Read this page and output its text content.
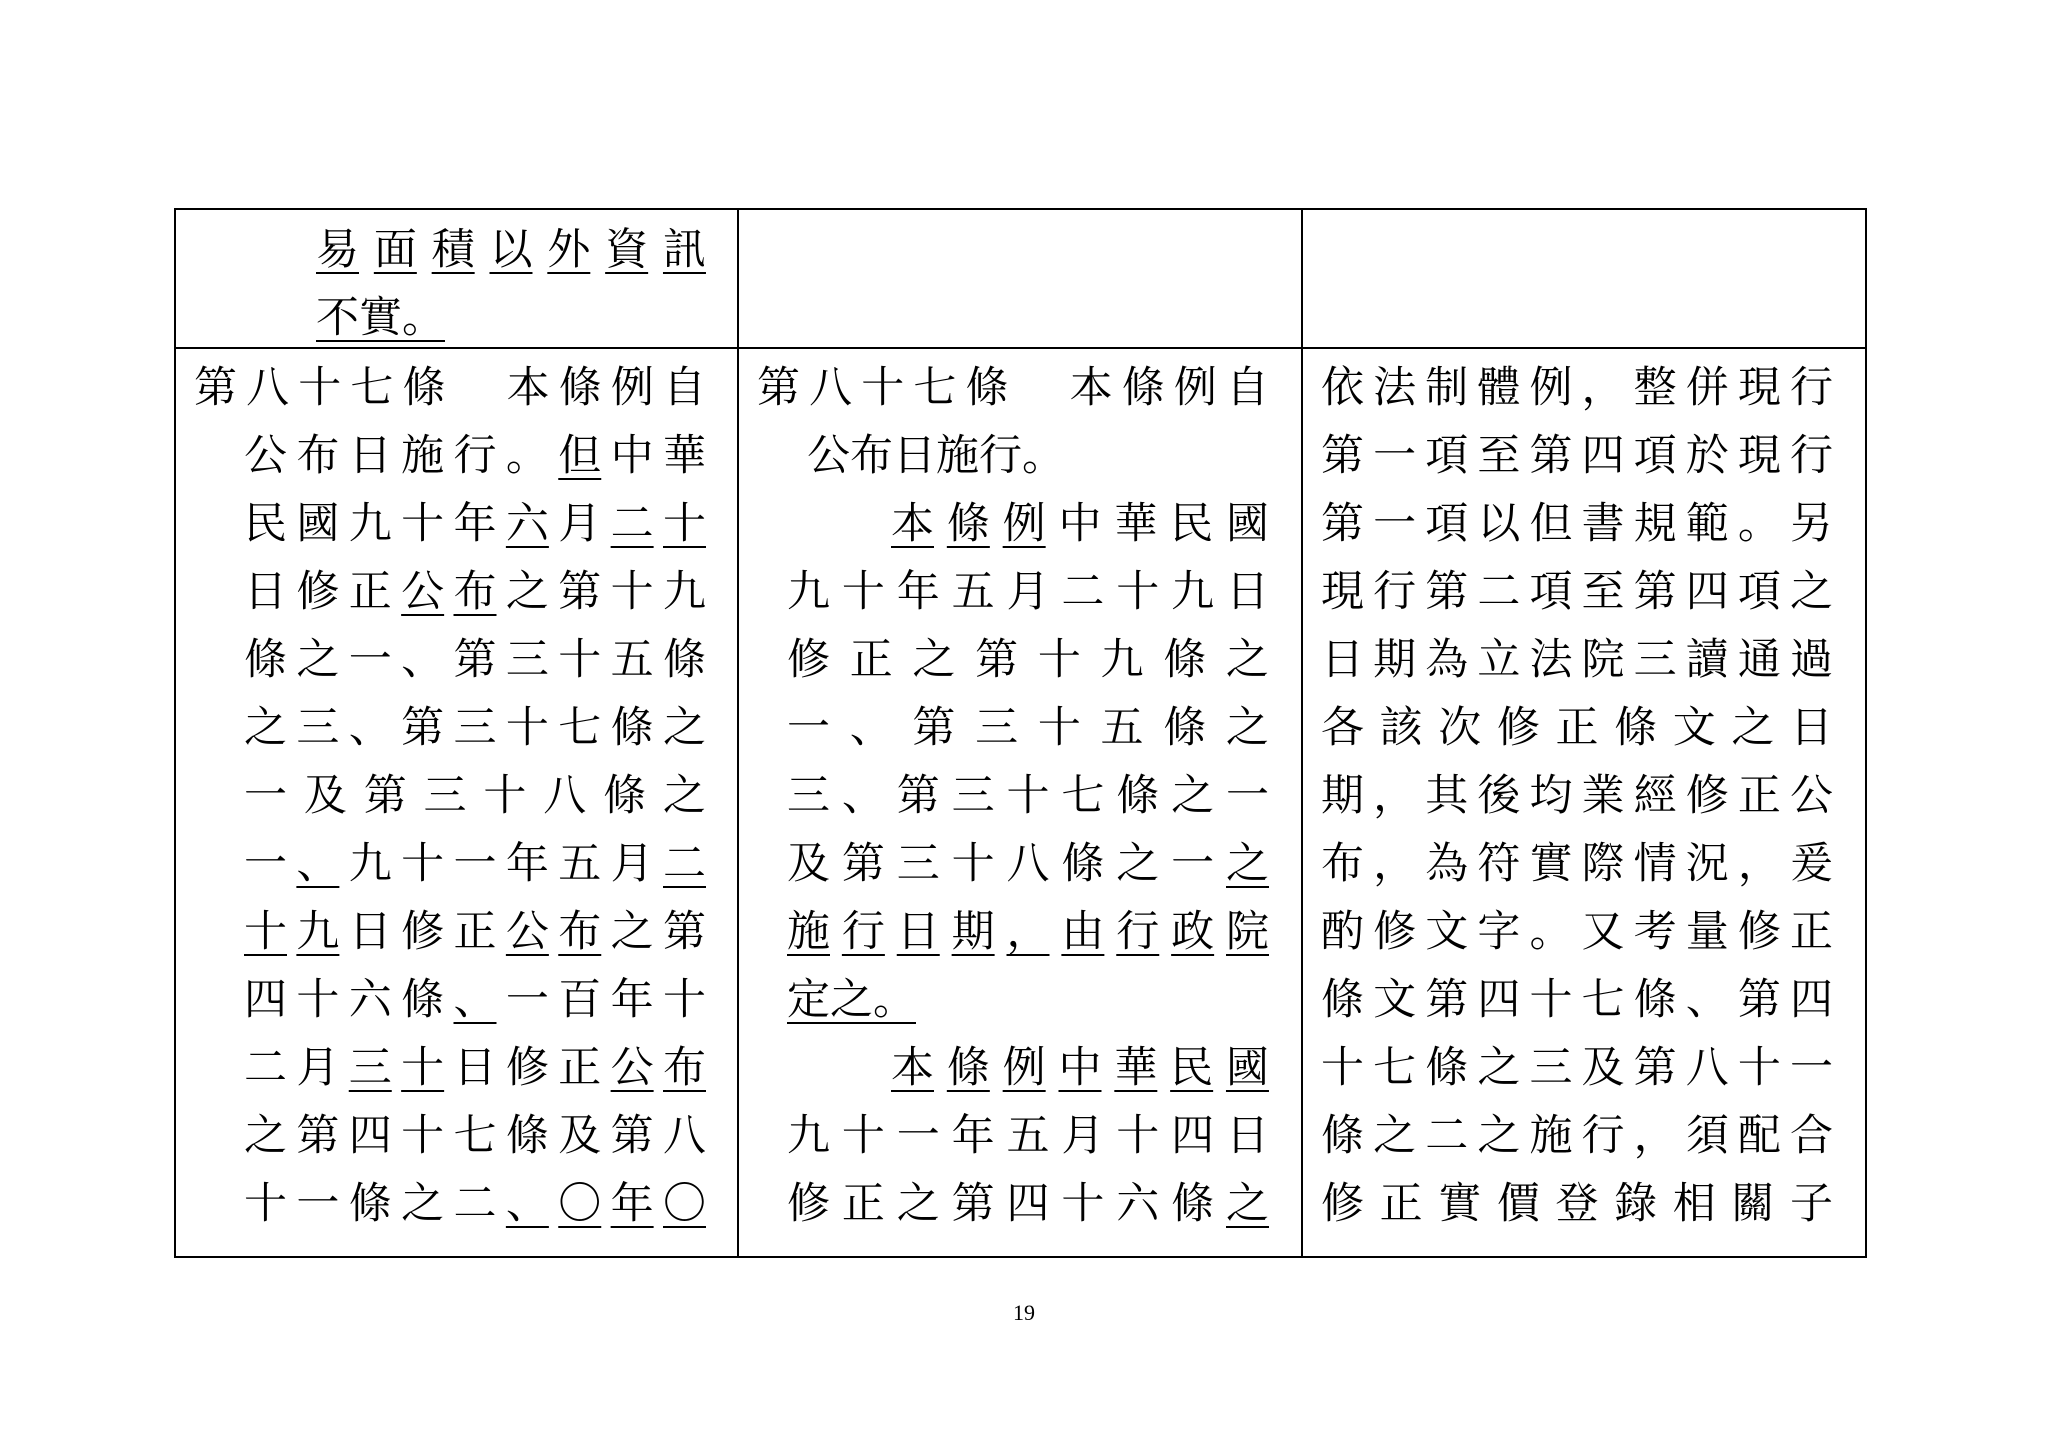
易 面 積 以 外 資 訊
不實。
第 八 十 七 條
　 本 條 例 自
公 布 日 施 行 。 但 中 華
民 國 九 十 年 六 月 二 十
日 修 正 公 布 之 第 十 九
條 之 一 、 第 三 十 五 條
之 三 、 第 三 十 七 條 之
一 及 第 三 十 八 條 之
一 、 九 十 一 年 五 月 二
十 九 日 修 正 公 布 之 第
四 十 六 條 、 一 百 年 十
二 月 三 十 日 修 正 公 布
之 第 四 十 七 條 及 第 八
十 一 條 之 二 、 〇 年 〇
第 八 十 七 條
　 本 條 例 自
公布日施行。
本 條 例 中 華 民 國
九 十 年 五 月 二 十 九 日
修 正 之 第 十 九 條 之
一 、 第 三 十 五 條 之
三 、 第 三 十 七 條 之 一
及 第 三 十 八 條 之 一 之
施 行 日 期 ， 由 行 政 院
定之。
本 條 例 中 華 民 國
九 十 一 年 五 月 十 四 日
修 正 之 第 四 十 六 條 之
依 法 制 體 例 ， 整 併 現 行
第 一 項 至 第 四 項 於 現 行
第 一 項 以 但 書 規 範 。 另
現 行 第 二 項 至 第 四 項 之
日 期 為 立 法 院 三 讀 通 過
各 該 次 修 正 條 文 之 日
期 ， 其 後 均 業 經 修 正 公
布 ， 為 符 實 際 情 況 ， 爰
酌 修 文 字 。 又 考 量 修 正
條 文 第 四 十 七 條 、 第 四
十 七 條 之 三 及 第 八 十 一
條 之 二 之 施 行 ， 須 配 合
修 正 實 價 登 錄 相 關 子
19
